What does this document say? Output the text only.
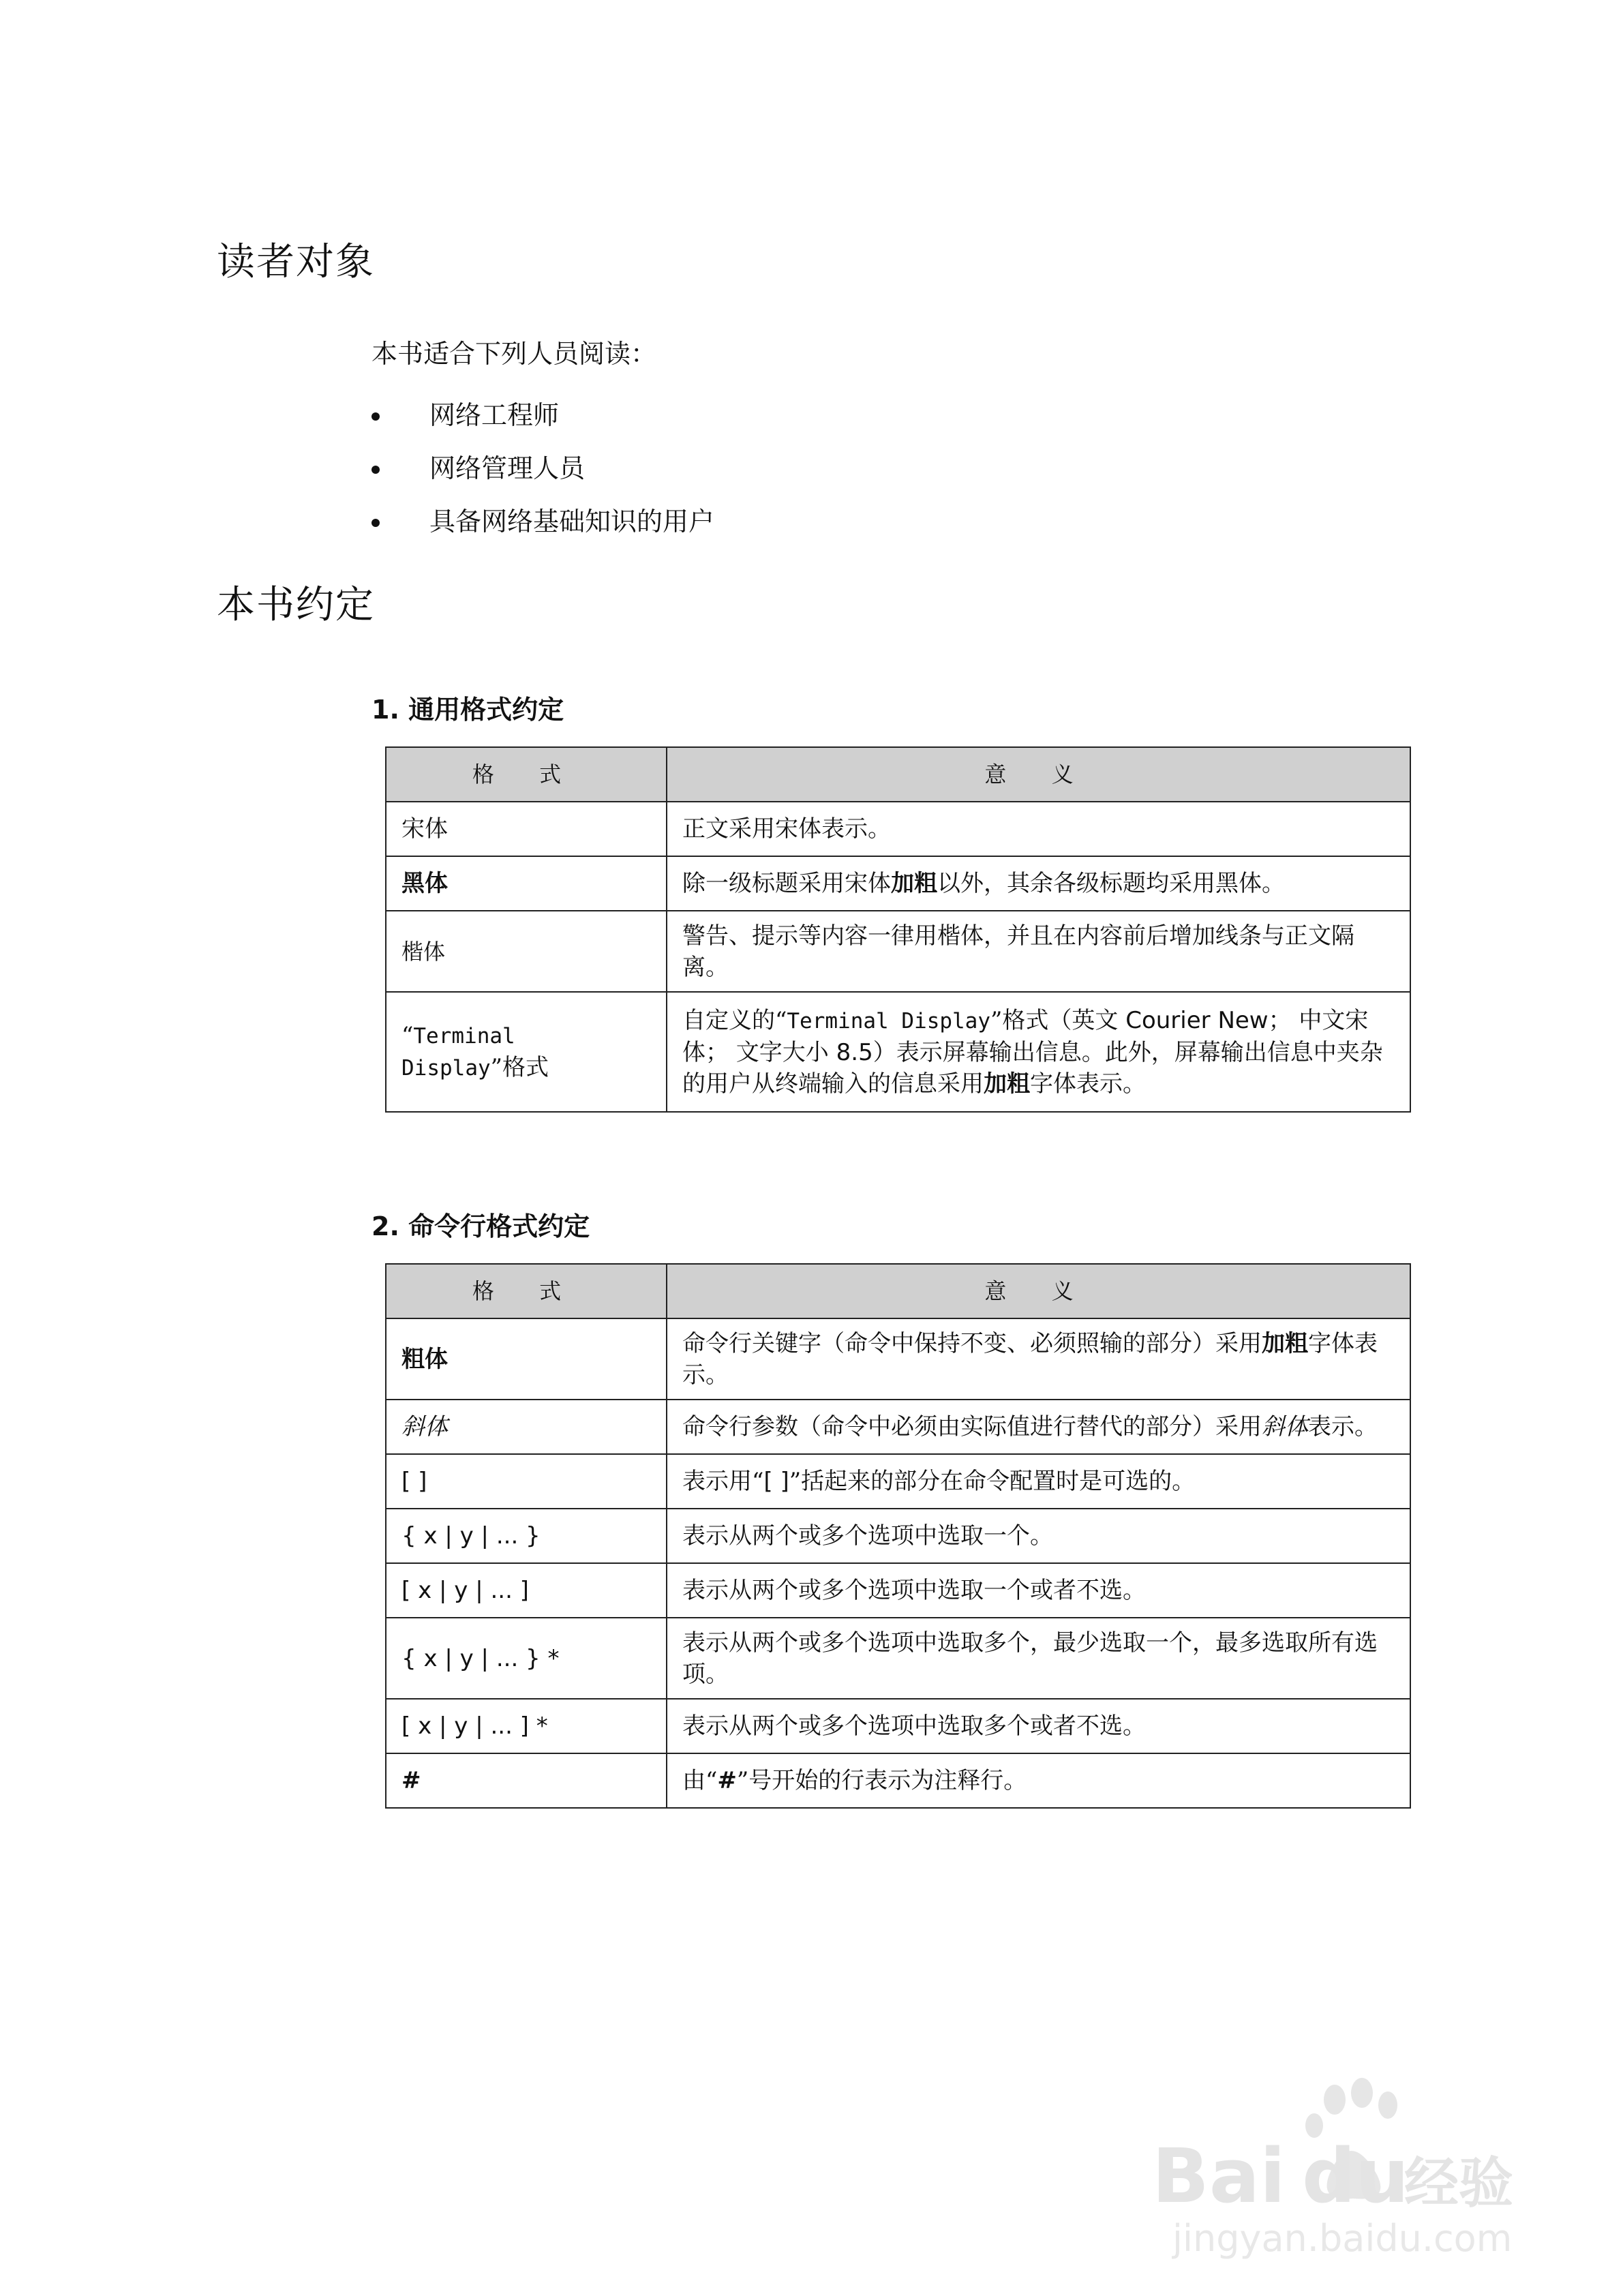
读者对象

本书适合下列人员阅读：

网络工程师
网络管理人员
具备网络基础知识的用户
本书约定
1. 通用格式约定
格 式	意 义
宋体	正文采用宋体表示。
黑体	除一级标题采用宋体加粗以外，其余各级标题均采用黑体。
楷体	警告、提示等内容一律用楷体，并且在内容前后增加线条与正文隔离。
“Terminal Display”格式	自定义的“Terminal Display”格式（英文 Courier New； 中文宋体； 文字大小 8.5）表示屏幕输出信息。此外，屏幕输出信息中夹杂的用户从终端输入的信息采用加粗字体表示。
2. 命令行格式约定
格 式	意 义
粗体	命令行关键字（命令中保持不变、必须照输的部分）采用加粗字体表示。
斜体	命令行参数（命令中必须由实际值进行替代的部分）采用斜体表示。
[ ]	表示用“[ ]”括起来的部分在命令配置时是可选的。
{ x | y | ... }	表示从两个或多个选项中选取一个。
[ x | y | ... ]	表示从两个或多个选项中选取一个或者不选。
{ x | y | ... } *	表示从两个或多个选项中选取多个，最少选取一个，最多选取所有选项。
[ x | y | ... ] *	表示从两个或多个选项中选取多个或者不选。
#	由“#”号开始的行表示为注释行。
Bai du
经验
jingyan.baidu.com
